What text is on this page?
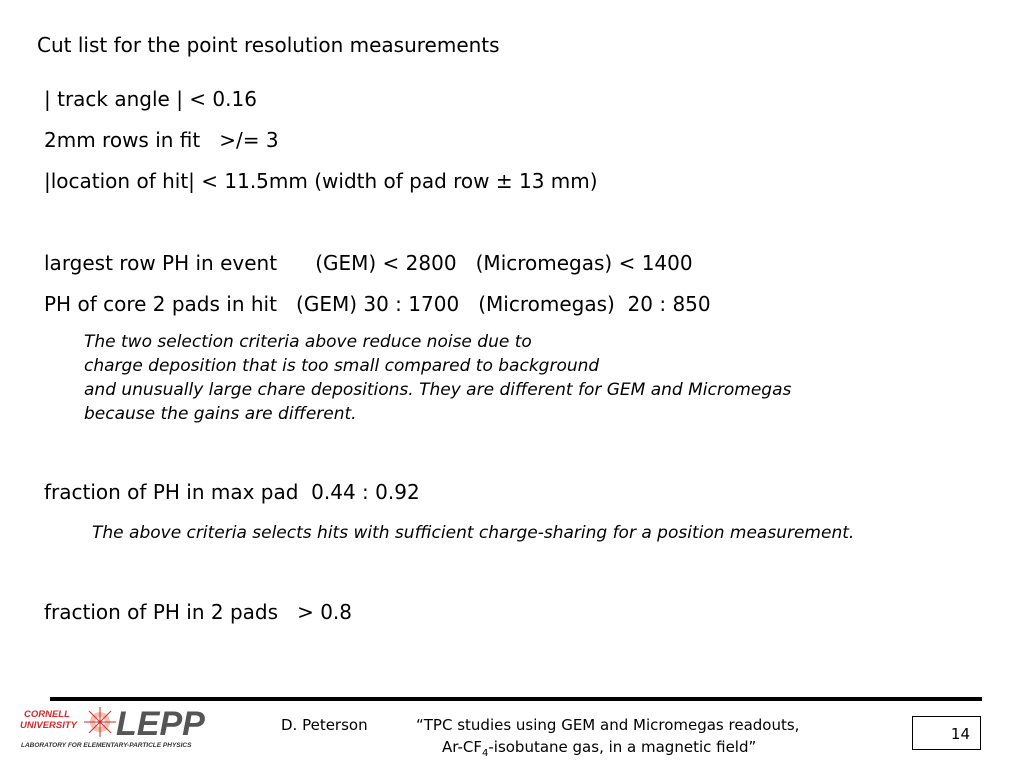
Cut list for the point resolution measurements
| track angle | < 0.16
2mm rows in fit   >/= 3
|location of hit| < 11.5mm (width of pad row ± 13 mm)
largest row PH in event      (GEM) < 2800   (Micromegas) < 1400
PH of core 2 pads in hit   (GEM) 30 : 1700   (Micromegas)  20 : 850
The two selection criteria above reduce noise due to
charge deposition that is too small compared to background
and unusually large chare depositions. They are different for GEM and Micromegas
because the gains are different.
fraction of PH in max pad  0.44 : 0.92
The above criteria selects hits with sufficient charge-sharing for a position measurement.
fraction of PH in 2 pads   > 0.8
CORNELL
UNIVERSITY LEPP
LABORATORY FOR ELEMENTARY-PARTICLE PHYSICS
D. Peterson	“TPC studies using GEM and Micromegas readouts,
$Ar-CF_4$-isobutane gas, in a magnetic field”
14
